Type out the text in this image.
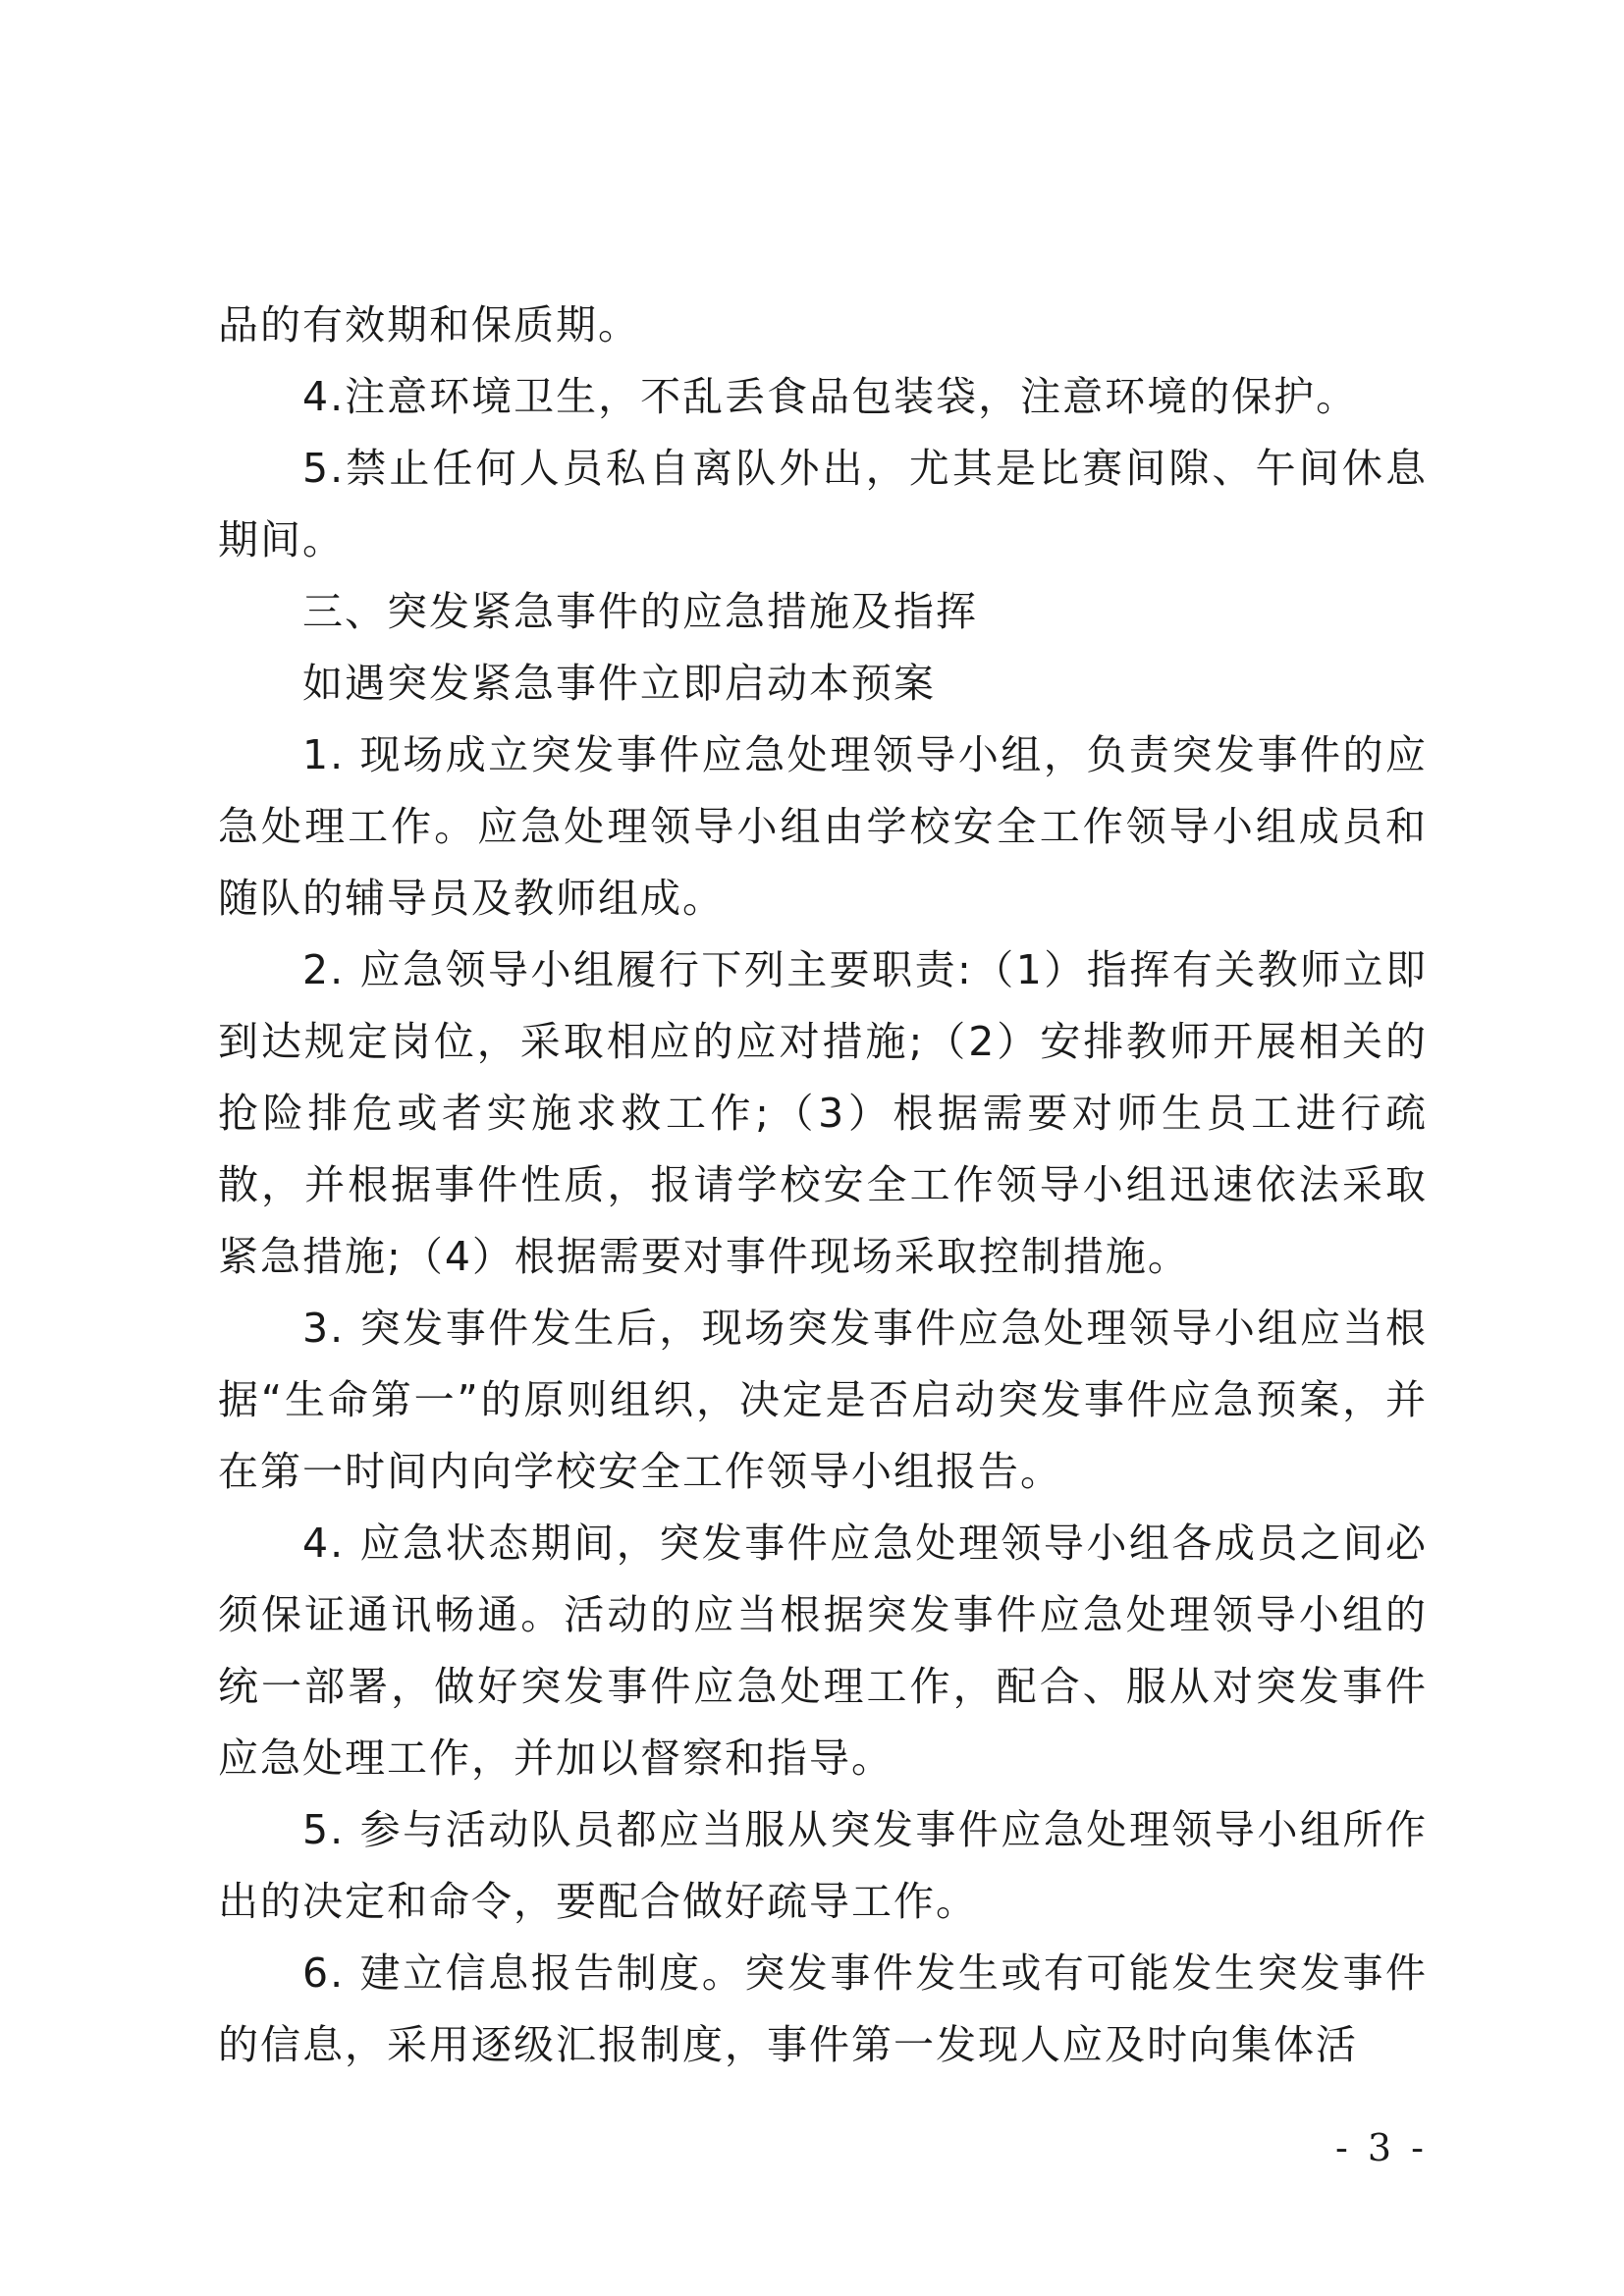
品的有效期和保质期。

4.注意环境卫生，不乱丢食品包装袋，注意环境的保护。

5.禁止任何人员私自离队外出，尤其是比赛间隙、午间休息期间。

三、突发紧急事件的应急措施及指挥

如遇突发紧急事件立即启动本预案

1. 现场成立突发事件应急处理领导小组，负责突发事件的应急处理工作。应急处理领导小组由学校安全工作领导小组成员和随队的辅导员及教师组成。

2. 应急领导小组履行下列主要职责:（1）指挥有关教师立即到达规定岗位，采取相应的应对措施;（2）安排教师开展相关的抢险排危或者实施求救工作;（3）根据需要对师生员工进行疏散，并根据事件性质，报请学校安全工作领导小组迅速依法采取紧急措施;（4）根据需要对事件现场采取控制措施。

3. 突发事件发生后，现场突发事件应急处理领导小组应当根据“生命第一”的原则组织，决定是否启动突发事件应急预案，并在第一时间内向学校安全工作领导小组报告。

4. 应急状态期间，突发事件应急处理领导小组各成员之间必须保证通讯畅通。活动的应当根据突发事件应急处理领导小组的统一部署，做好突发事件应急处理工作，配合、服从对突发事件应急处理工作，并加以督察和指导。

5. 参与活动队员都应当服从突发事件应急处理领导小组所作出的决定和命令，要配合做好疏导工作。

6. 建立信息报告制度。突发事件发生或有可能发生突发事件的信息，采用逐级汇报制度，事件第一发现人应及时向集体活

- 3 -
